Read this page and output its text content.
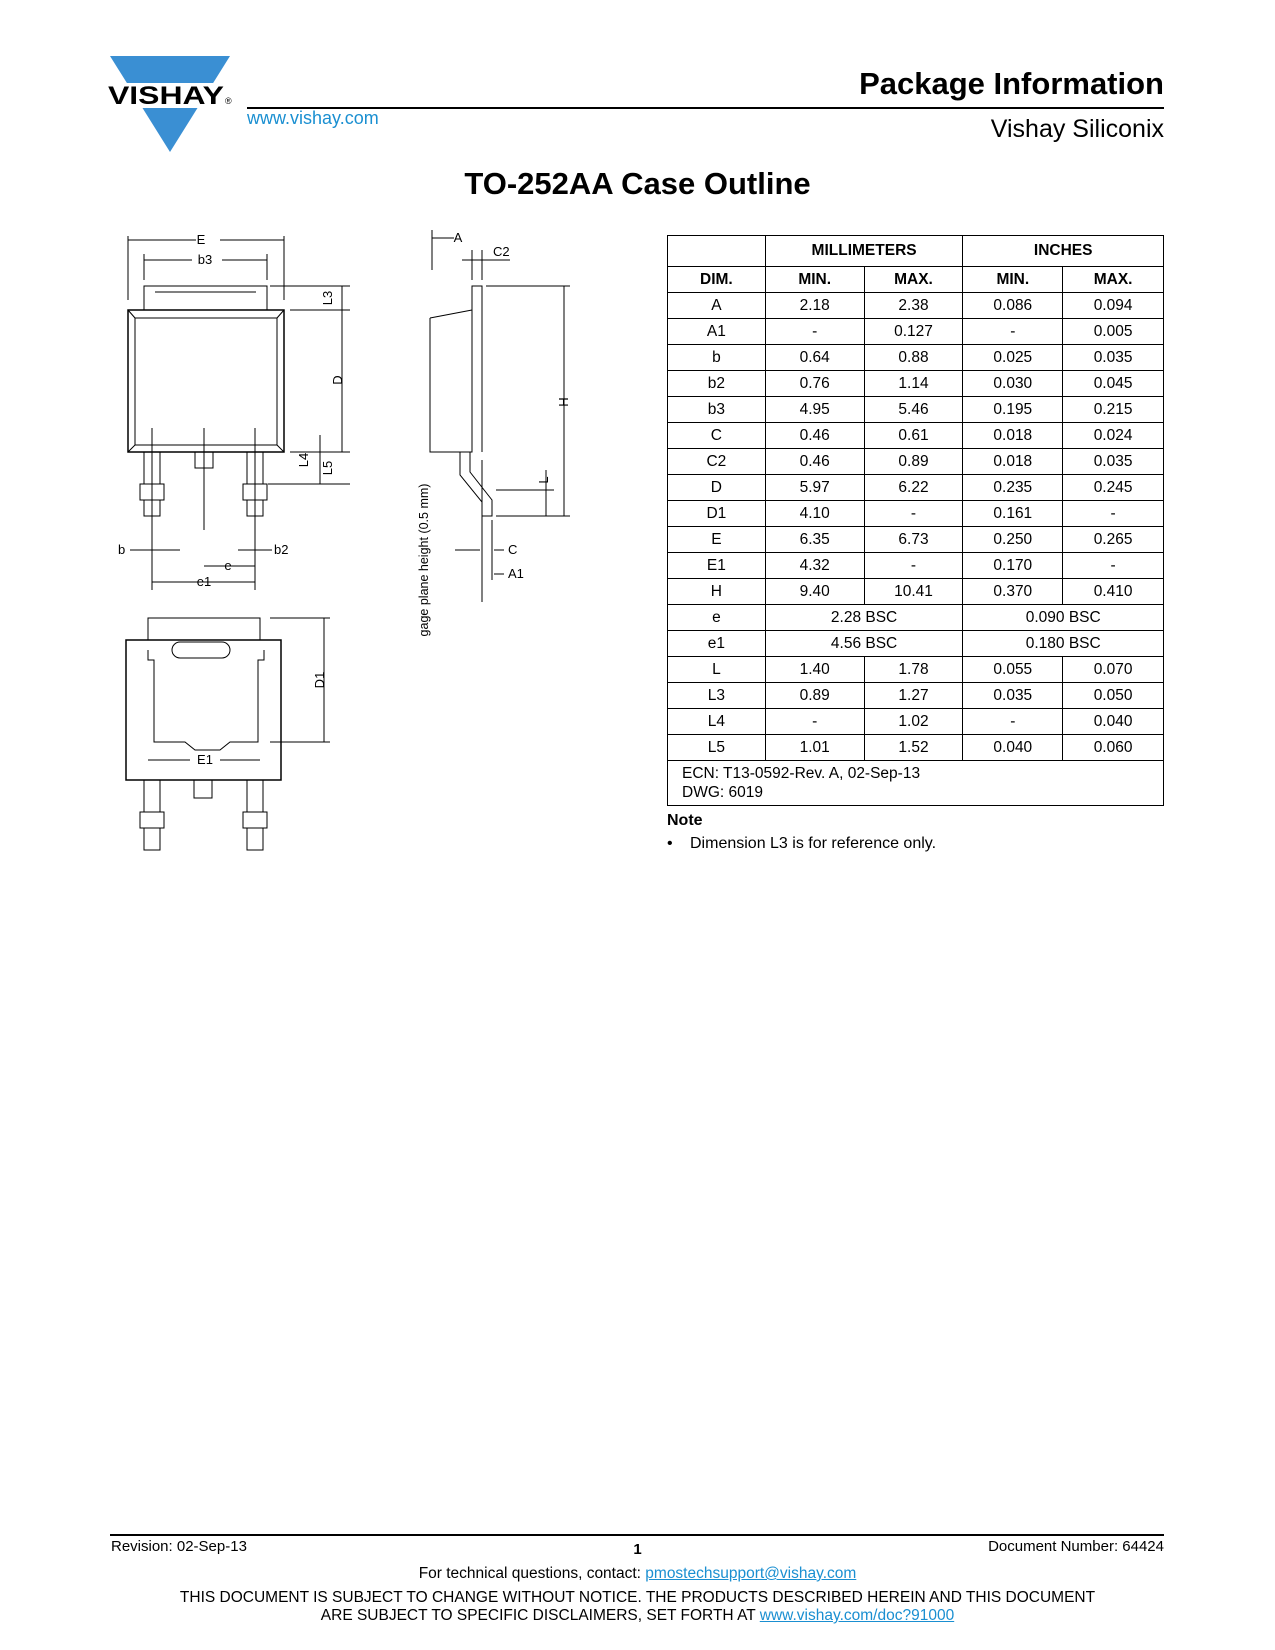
VISHAY ®
www.vishay.com
Package Information
Vishay Siliconix
TO-252AA Case Outline
E
b3
L3
D
L4
L5
b	b2
e
e1
D1
E1
A
C2
H
L
C
A1
gage plane height (0.5 mm)
	MILLIMETERS		INCHES	
DIM.	MIN.	MAX.	MIN.	MAX.
A	2.18	2.38	0.086	0.094
A1	-	0.127	-	0.005
b	0.64	0.88	0.025	0.035
b2	0.76	1.14	0.030	0.045
b3	4.95	5.46	0.195	0.215
C	0.46	0.61	0.018	0.024
C2	0.46	0.89	0.018	0.035
D	5.97	6.22	0.235	0.245
D1	4.10	-	0.161	-
E	6.35	6.73	0.250	0.265
E1	4.32	-	0.170	-
H	9.40	10.41	0.370	0.410
e	2.28 BSC		0.090 BSC	
e1	4.56 BSC		0.180 BSC	
L	1.40	1.78	0.055	0.070
L3	0.89	1.27	0.035	0.050
L4	-	1.02	-	0.040
L5	1.01	1.52	0.040	0.060

ECN: T13-0592-Rev. A, 02-Sep-13
DWG: 6019				
Note
• Dimension L3 is for reference only.
Revision: 02-Sep-13	1	Document Number: 64424
For technical questions, contact: pmostechsupport@vishay.com
THIS DOCUMENT IS SUBJECT TO CHANGE WITHOUT NOTICE. THE PRODUCTS DESCRIBED HEREIN AND THIS DOCUMENT
ARE SUBJECT TO SPECIFIC DISCLAIMERS, SET FORTH AT www.vishay.com/doc?91000
